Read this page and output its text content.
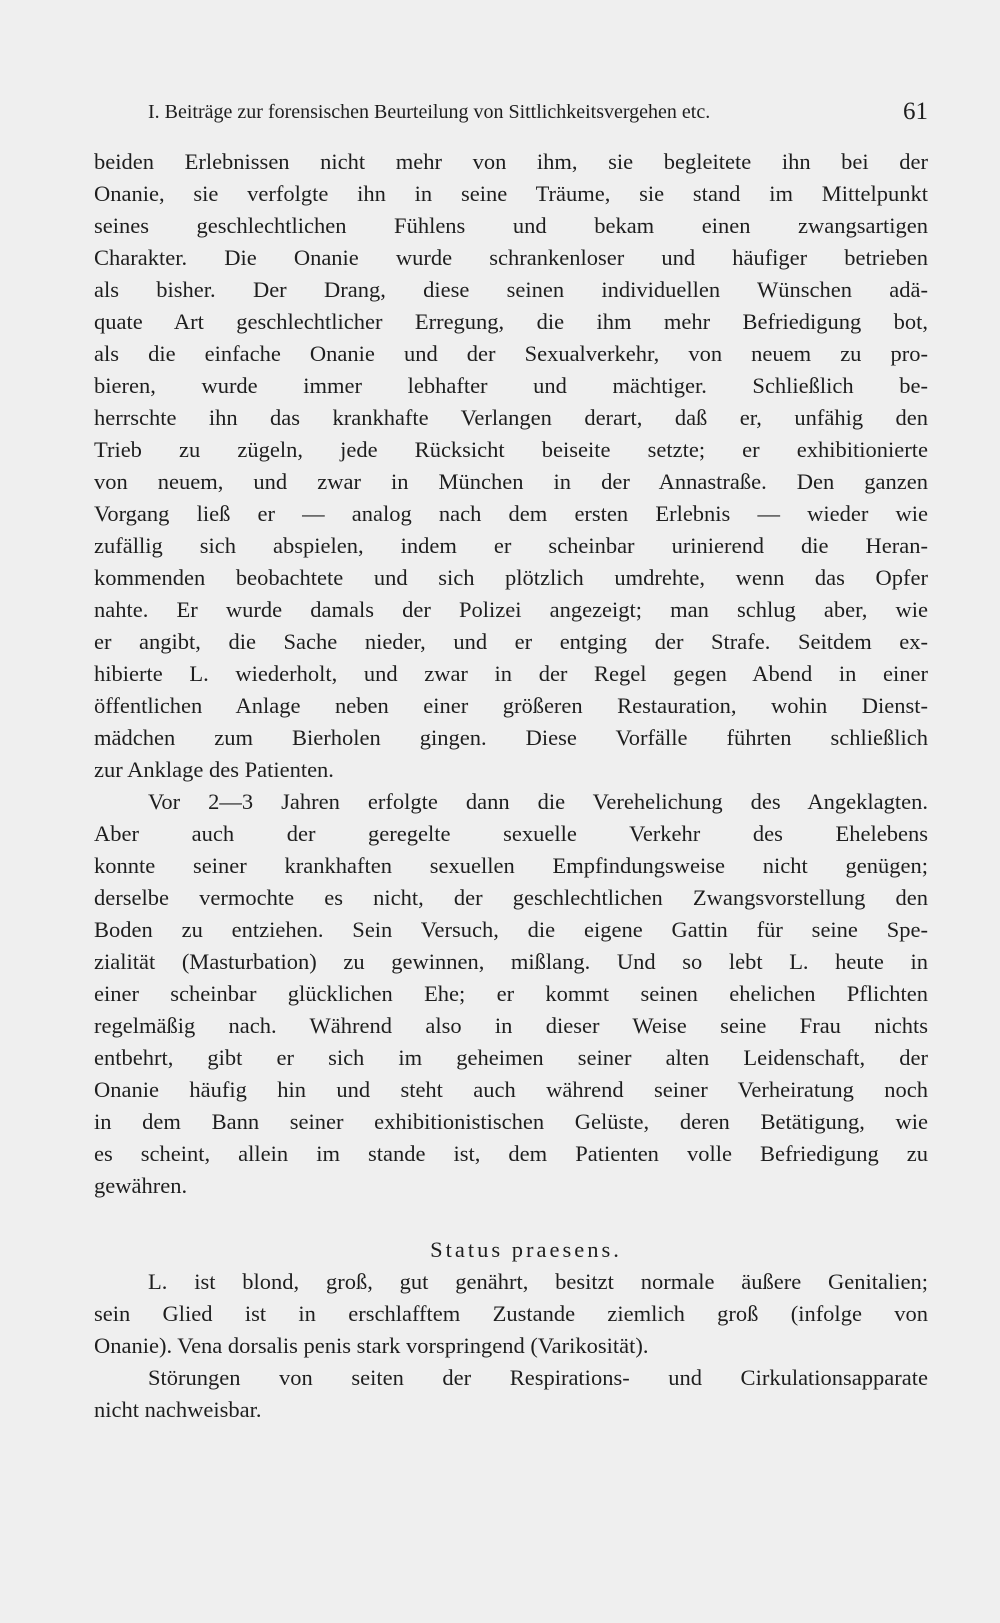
I. Beiträge zur forensischen Beurteilung von Sittlichkeitsvergehen etc.	61
beiden Erlebnissen nicht mehr von ihm, sie begleitete ihn bei der
Onanie, sie verfolgte ihn in seine Träume, sie stand im Mittelpunkt
seines geschlechtlichen Fühlens und bekam einen zwangsartigen
Charakter. Die Onanie wurde schrankenloser und häufiger betrieben
als bisher. Der Drang, diese seinen individuellen Wünschen adä-
quate Art geschlechtlicher Erregung, die ihm mehr Befriedigung bot,
als die einfache Onanie und der Sexualverkehr, von neuem zu pro-
bieren, wurde immer lebhafter und mächtiger. Schließlich be-
herrschte ihn das krankhafte Verlangen derart, daß er, unfähig den
Trieb zu zügeln, jede Rücksicht beiseite setzte; er exhibitionierte
von neuem, und zwar in München in der Annastraße. Den ganzen
Vorgang ließ er — analog nach dem ersten Erlebnis — wieder wie
zufällig sich abspielen, indem er scheinbar urinierend die Heran-
kommenden beobachtete und sich plötzlich umdrehte, wenn das Opfer
nahte. Er wurde damals der Polizei angezeigt; man schlug aber, wie
er angibt, die Sache nieder, und er entging der Strafe. Seitdem ex-
hibierte L. wiederholt, und zwar in der Regel gegen Abend in einer
öffentlichen Anlage neben einer größeren Restauration, wohin Dienst-
mädchen zum Bierholen gingen. Diese Vorfälle führten schließlich
zur Anklage des Patienten.
Vor 2—3 Jahren erfolgte dann die Verehelichung des Angeklagten.
Aber auch der geregelte sexuelle Verkehr des Ehelebens
konnte seiner krankhaften sexuellen Empfindungsweise nicht genügen;
derselbe vermochte es nicht, der geschlechtlichen Zwangsvorstellung den
Boden zu entziehen. Sein Versuch, die eigene Gattin für seine Spe-
zialität (Masturbation) zu gewinnen, mißlang. Und so lebt L. heute in
einer scheinbar glücklichen Ehe; er kommt seinen ehelichen Pflichten
regelmäßig nach. Während also in dieser Weise seine Frau nichts
entbehrt, gibt er sich im geheimen seiner alten Leidenschaft, der
Onanie häufig hin und steht auch während seiner Verheiratung noch
in dem Bann seiner exhibitionistischen Gelüste, deren Betätigung, wie
es scheint, allein im stande ist, dem Patienten volle Befriedigung zu
gewähren.
Status praesens.
L. ist blond, groß, gut genährt, besitzt normale äußere Genitalien;
sein Glied ist in erschlafftem Zustande ziemlich groß (infolge von
Onanie). Vena dorsalis penis stark vorspringend (Varikosität).
Störungen von seiten der Respirations- und Cirkulationsapparate
nicht nachweisbar.
